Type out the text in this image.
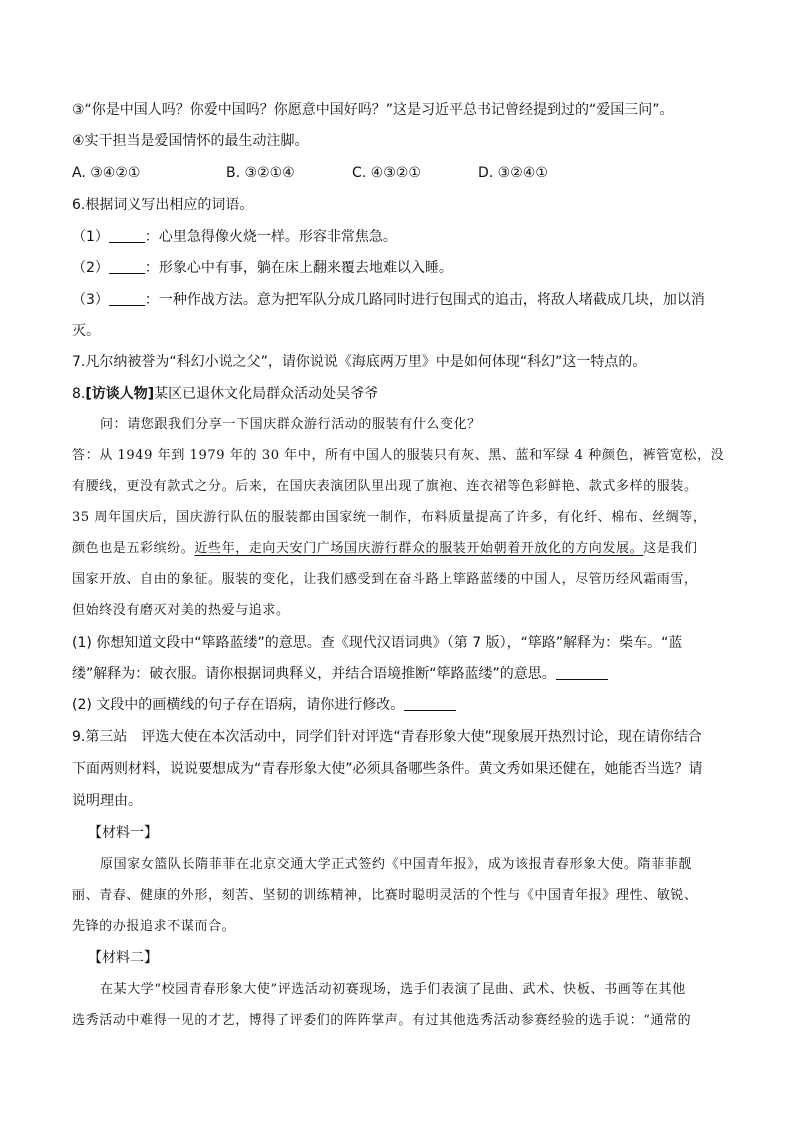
③“你是中国人吗？你爱中国吗？你愿意中国好吗？”这是习近平总书记曾经提到过的“爱国三问”。
④实干担当是爱国情怀的最生动注脚。
A. ③④②①	B. ③②①④	C. ④③②①	D. ③②④①
6.根据词义写出相应的词语。
（1）	：心里急得像火烧一样。形容非常焦急。
（2）	：形象心中有事，躺在床上翻来覆去地难以入睡。
（3）	：一种作战方法。意为把军队分成几路同时进行包围式的追击，将敌人堵截成几块，加以消
灭。
7.凡尔纳被誉为“科幻小说之父”，请你说说《海底两万里》中是如何体现“科幻”这一特点的。
8.[访谈人物]某区已退休文化局群众活动处吴爷爷
问：请您跟我们分享一下国庆群众游行活动的服装有什么变化？
答：从 1949 年到 1979 年的 30 年中，所有中国人的服装只有灰、黑、蓝和军绿 4 种颜色，裤管宽松，没
有腰线，更没有款式之分。后来，在国庆表演团队里出现了旗袍、连衣裙等色彩鲜艳、款式多样的服装。
35 周年国庆后，国庆游行队伍的服装都由国家统一制作，布料质量提高了许多，有化纤、棉布、丝绸等，
颜色也是五彩缤纷。近些年，走向天安门广场国庆游行群众的服装开始朝着开放化的方向发展。这是我们
国家开放、自由的象征。服装的变化，让我们感受到在奋斗路上筚路蓝缕的中国人，尽管历经风霜雨雪，
但始终没有磨灭对美的热爱与追求。
(1) 你想知道文段中“筚路蓝缕”的意思。查《现代汉语词典》（第 7 版），“筚路”解释为：柴车。“蓝
缕”解释为：破衣服。请你根据词典释义，并结合语境推断“筚路蓝缕”的意思。
(2) 文段中的画横线的句子存在语病，请你进行修改。
9.第三站　评选大使在本次活动中，同学们针对评选“青春形象大使”现象展开热烈讨论，现在请你结合
下面两则材料，说说要想成为“青春形象大使”必须具备哪些条件。黄文秀如果还健在，她能否当选？请
说明理由。
【材料一】
原国家女篮队长隋菲菲在北京交通大学正式签约《中国青年报》，成为该报青春形象大使。隋菲菲靓
丽、青春、健康的外形，刻苦、坚韧的训练精神，比赛时聪明灵活的个性与《中国青年报》理性、敏锐、
先锋的办报追求不谋而合。
【材料二】
在某大学“校园青春形象大使”评选活动初赛现场，选手们表演了昆曲、武术、快板、书画等在其他
选秀活动中难得一见的才艺，博得了评委们的阵阵掌声。有过其他选秀活动参赛经验的选手说：“通常的
